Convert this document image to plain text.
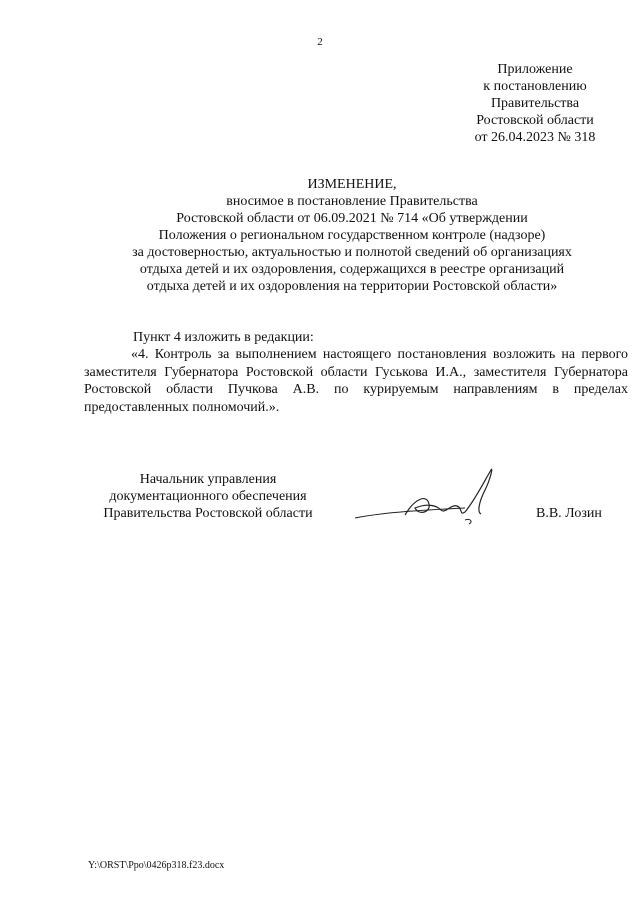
2
Приложение
к постановлению
Правительства
Ростовской области
от 26.04.2023 № 318
ИЗМЕНЕНИЕ,
вносимое в постановление Правительства
Ростовской области от 06.09.2021 № 714 «Об утверждении
Положения о региональном государственном контроле (надзоре)
за достоверностью, актуальностью и полнотой сведений об организациях
отдыха детей и их оздоровления, содержащихся в реестре организаций
отдыха детей и их оздоровления на территории Ростовской области»
Пункт 4 изложить в редакции:
«4. Контроль за выполнением настоящего постановления возложить на первого заместителя Губернатора Ростовской области Гуськова И.А., заместителя Губернатора Ростовской области Пучкова А.В. по курируемым направлениям в пределах предоставленных полномочий.».
Начальник управления
документационного обеспечения
Правительства Ростовской области	В.В. Лозин
Y:\ORST\Ppo\0426p318.f23.docx
